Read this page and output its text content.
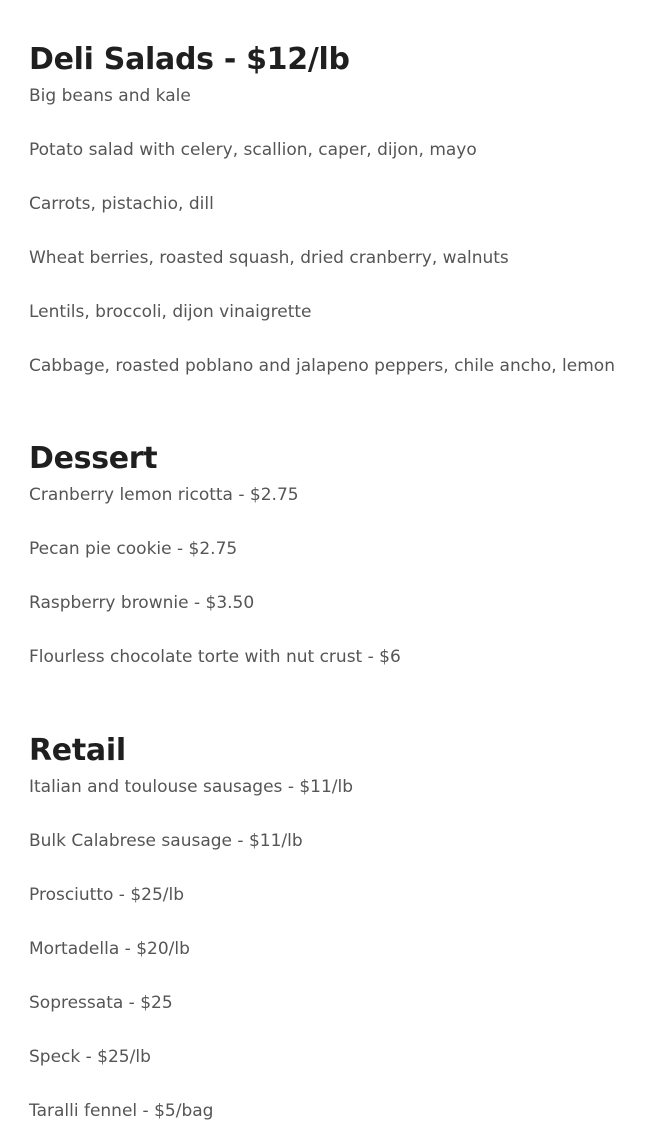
Deli Salads - $12/lb
Big beans and kale
Potato salad with celery, scallion, caper, dijon, mayo
Carrots, pistachio, dill
Wheat berries, roasted squash, dried cranberry, walnuts
Lentils, broccoli, dijon vinaigrette
Cabbage, roasted poblano and jalapeno peppers, chile ancho, lemon
Dessert
Cranberry lemon ricotta - $2.75
Pecan pie cookie - $2.75
Raspberry brownie - $3.50
Flourless chocolate torte with nut crust - $6
Retail
Italian and toulouse sausages - $11/lb
Bulk Calabrese sausage - $11/lb
Prosciutto - $25/lb
Mortadella - $20/lb
Sopressata - $25
Speck - $25/lb
Taralli fennel - $5/bag
